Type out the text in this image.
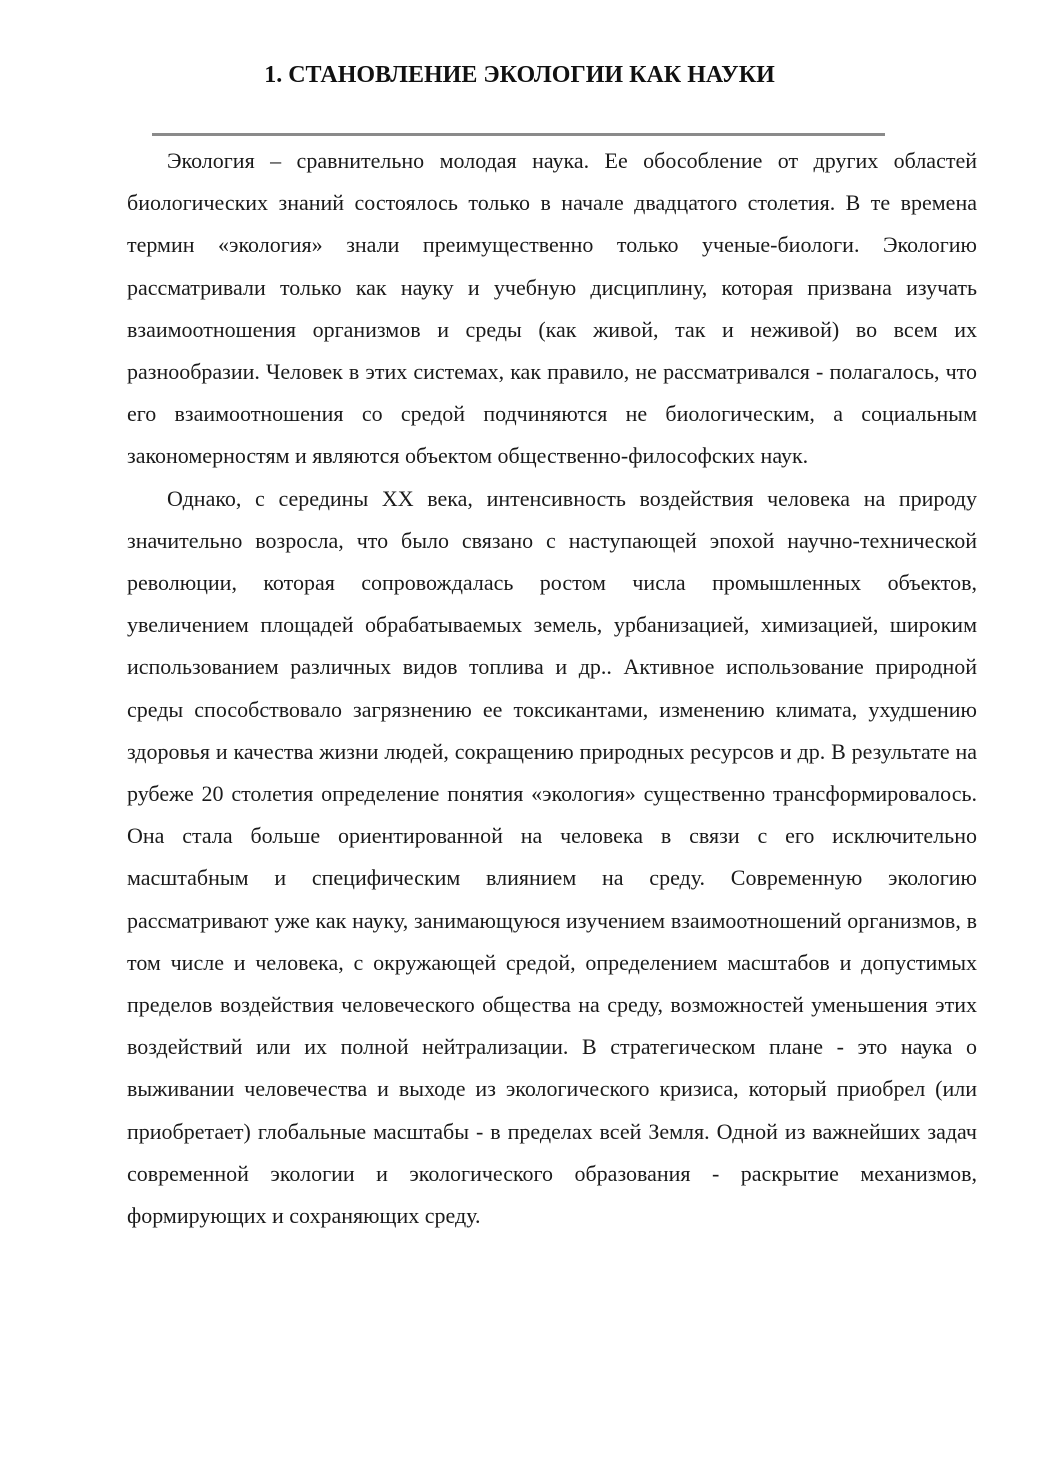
1. СТАНОВЛЕНИЕ ЭКОЛОГИИ КАК НАУКИ

Экология – сравнительно молодая наука. Ее обособление от других областей биологических знаний состоялось только в начале двадцатого столетия. В те времена термин «экология» знали преимущественно только ученые-биологи. Экологию рассматривали только как науку и учебную дисциплину, которая призвана изучать взаимоотношения организмов и среды (как живой, так и неживой) во всем их разнообразии. Человек в этих системах, как правило, не рассматривался - полагалось, что его взаимоотношения со средой подчиняются не биологическим, а социальным закономерностям и являются объектом общественно-философских наук.

Однако, с середины XX века, интенсивность воздействия человека на природу значительно возросла, что было связано с наступающей эпохой научно-технической революции, которая сопровождалась ростом числа промышленных объектов, увеличением площадей обрабатываемых земель, урбанизацией, химизацией, широким использованием различных видов топлива и др.. Активное использование природной среды способствовало загрязнению ее токсикантами, изменению климата, ухудшению здоровья и качества жизни людей, сокращению природных ресурсов и др. В результате на рубеже 20 столетия определение понятия «экология» существенно трансформировалось. Она стала больше ориентированной на человека в связи с его исключительно масштабным и специфическим влиянием на среду. Современную экологию рассматривают уже как науку, занимающуюся изучением взаимоотношений организмов, в том числе и человека, с окружающей средой, определением масштабов и допустимых пределов воздействия человеческого общества на среду, возможностей уменьшения этих воздействий или их полной нейтрализации. В стратегическом плане - это наука о выживании человечества и выходе из экологического кризиса, который приобрел (или приобретает) глобальные масштабы - в пределах всей Земля. Одной из важнейших задач современной экологии и экологического образования - раскрытие механизмов, формирующих и сохраняющих среду.
